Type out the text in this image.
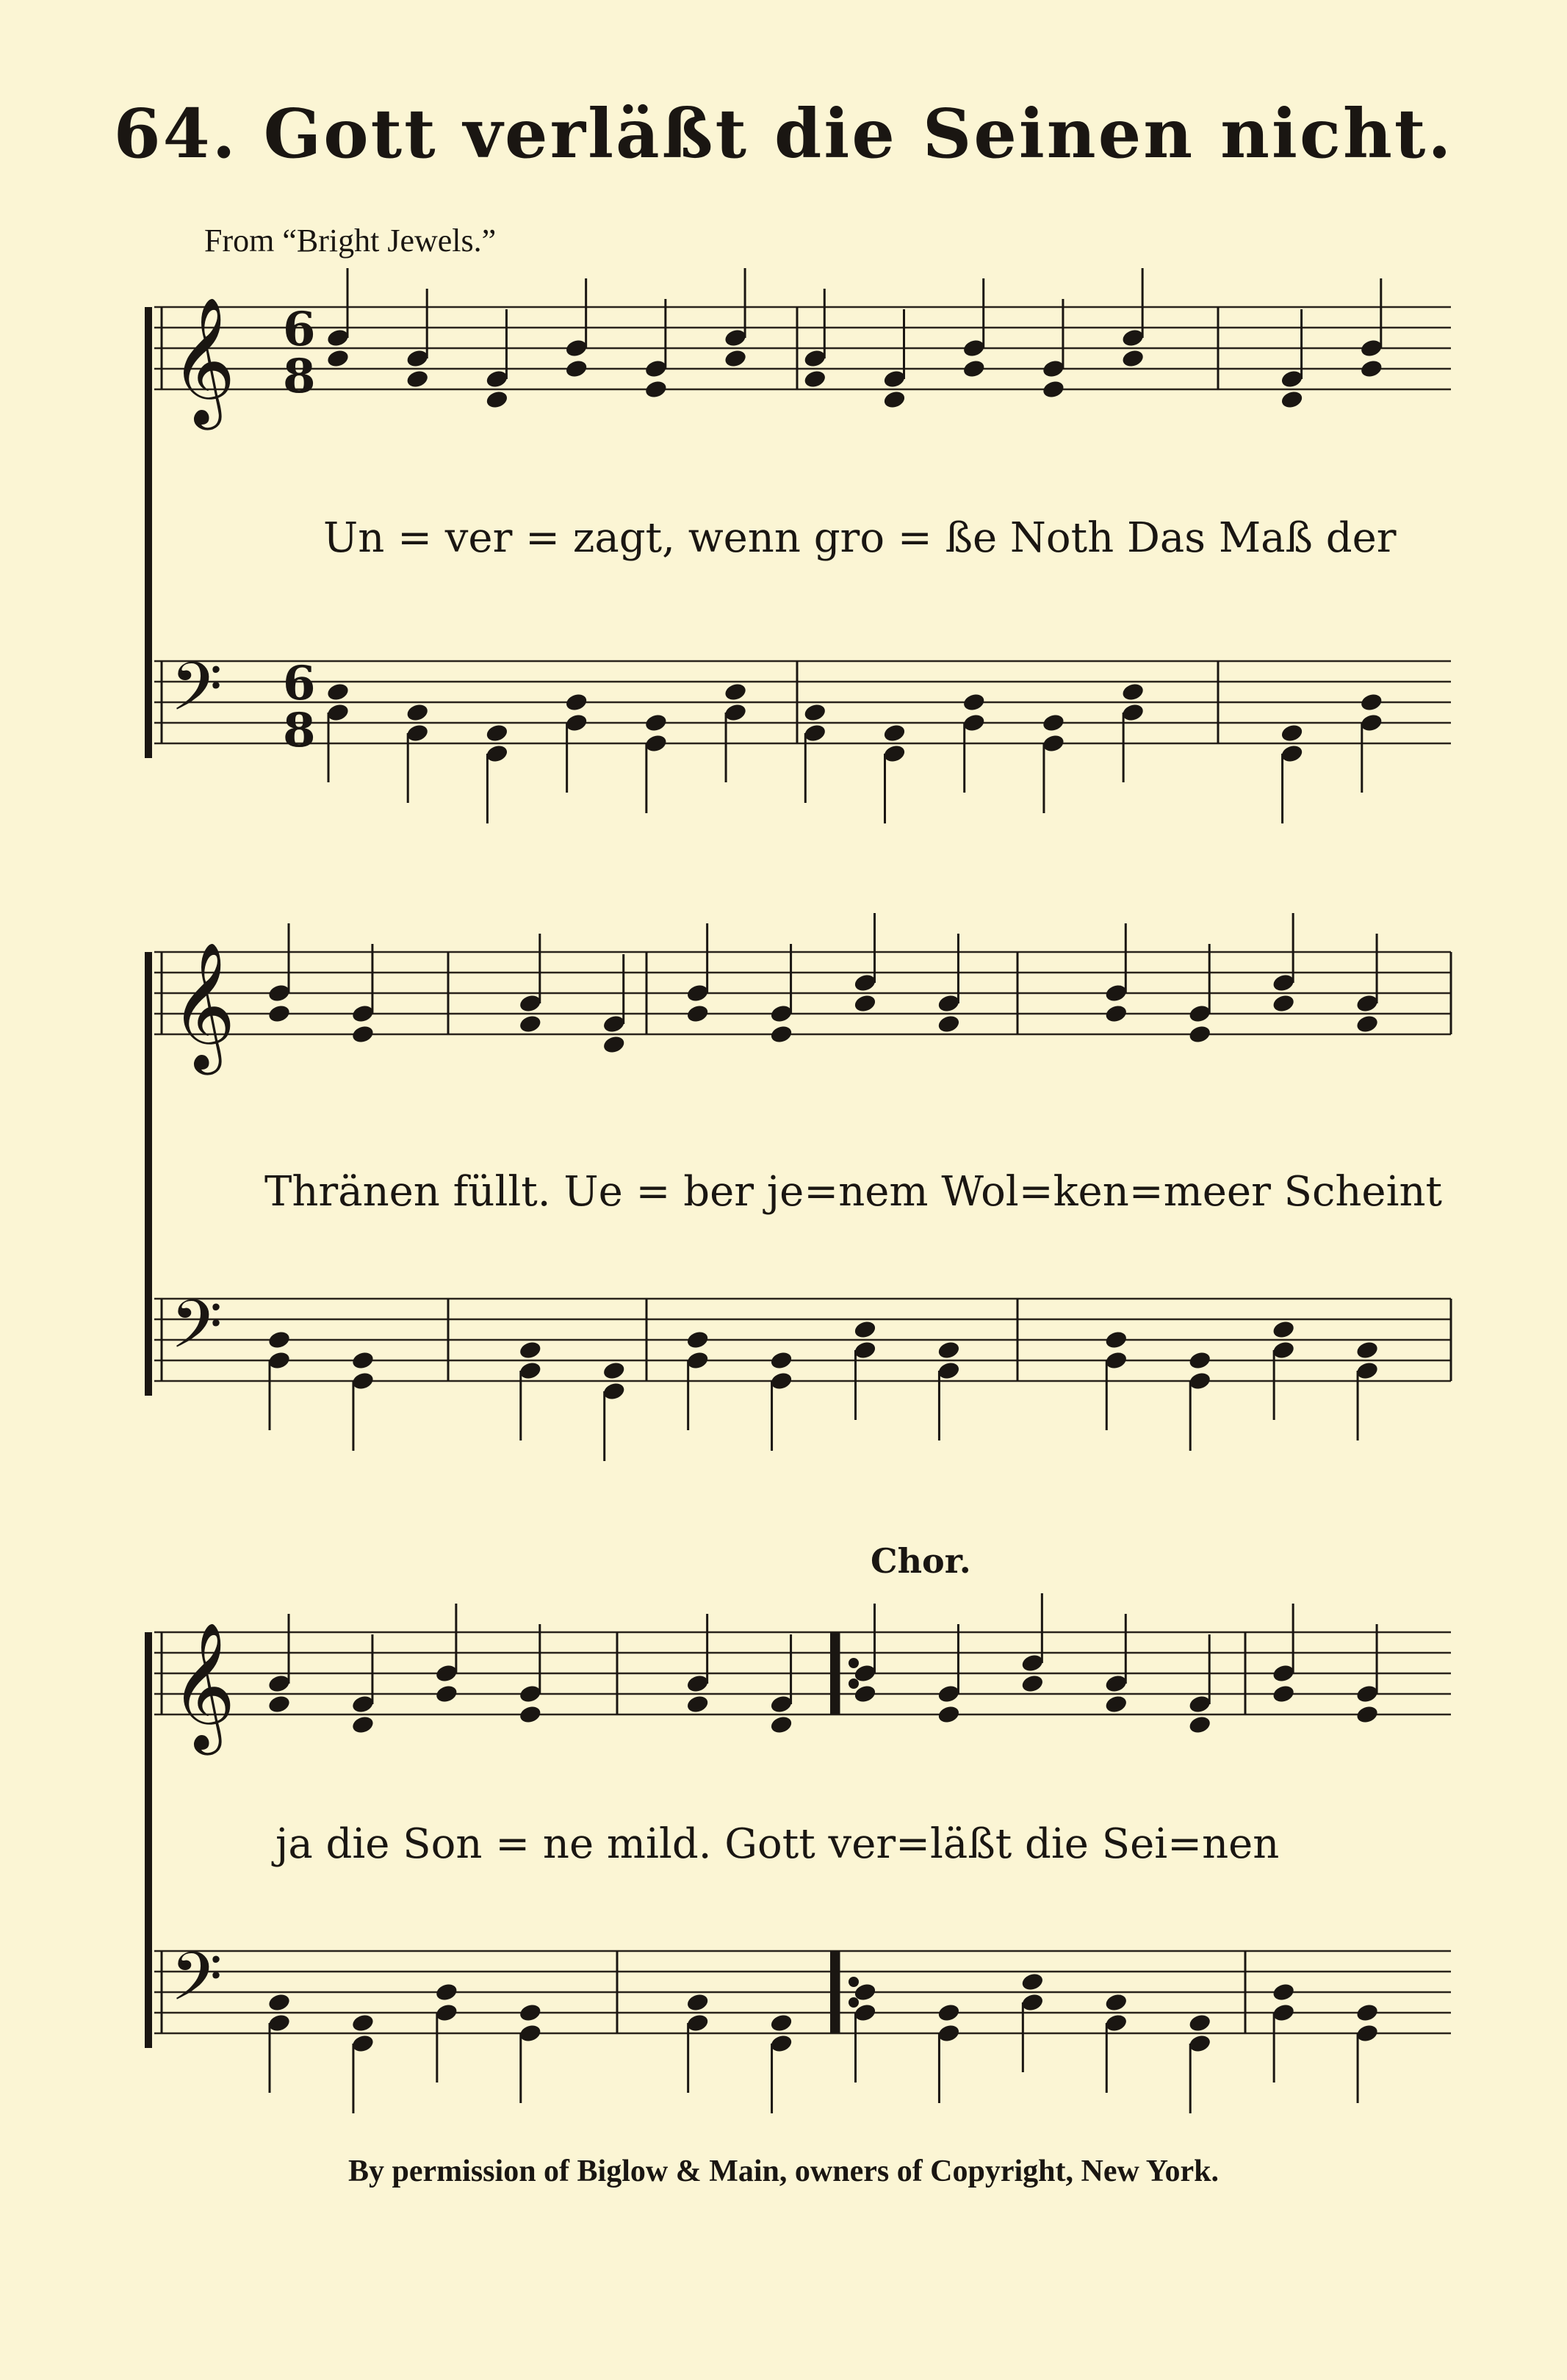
64. Gott verläßt die Seinen nicht.
From “Bright Jewels.”
Chor.
Un = ver = zagt, wenn gro = ße Noth Das Maß der
Thränen füllt. Ue = ber je=nem Wol=ken=meer Scheint
ja die Son = ne mild. Gott ver=läßt die Sei=nen
By permission of Biglow & Main, owners of Copyright, New York.
𝄞 6
8
𝄢 6
8
𝄞
𝄢
𝄞
𝄢
